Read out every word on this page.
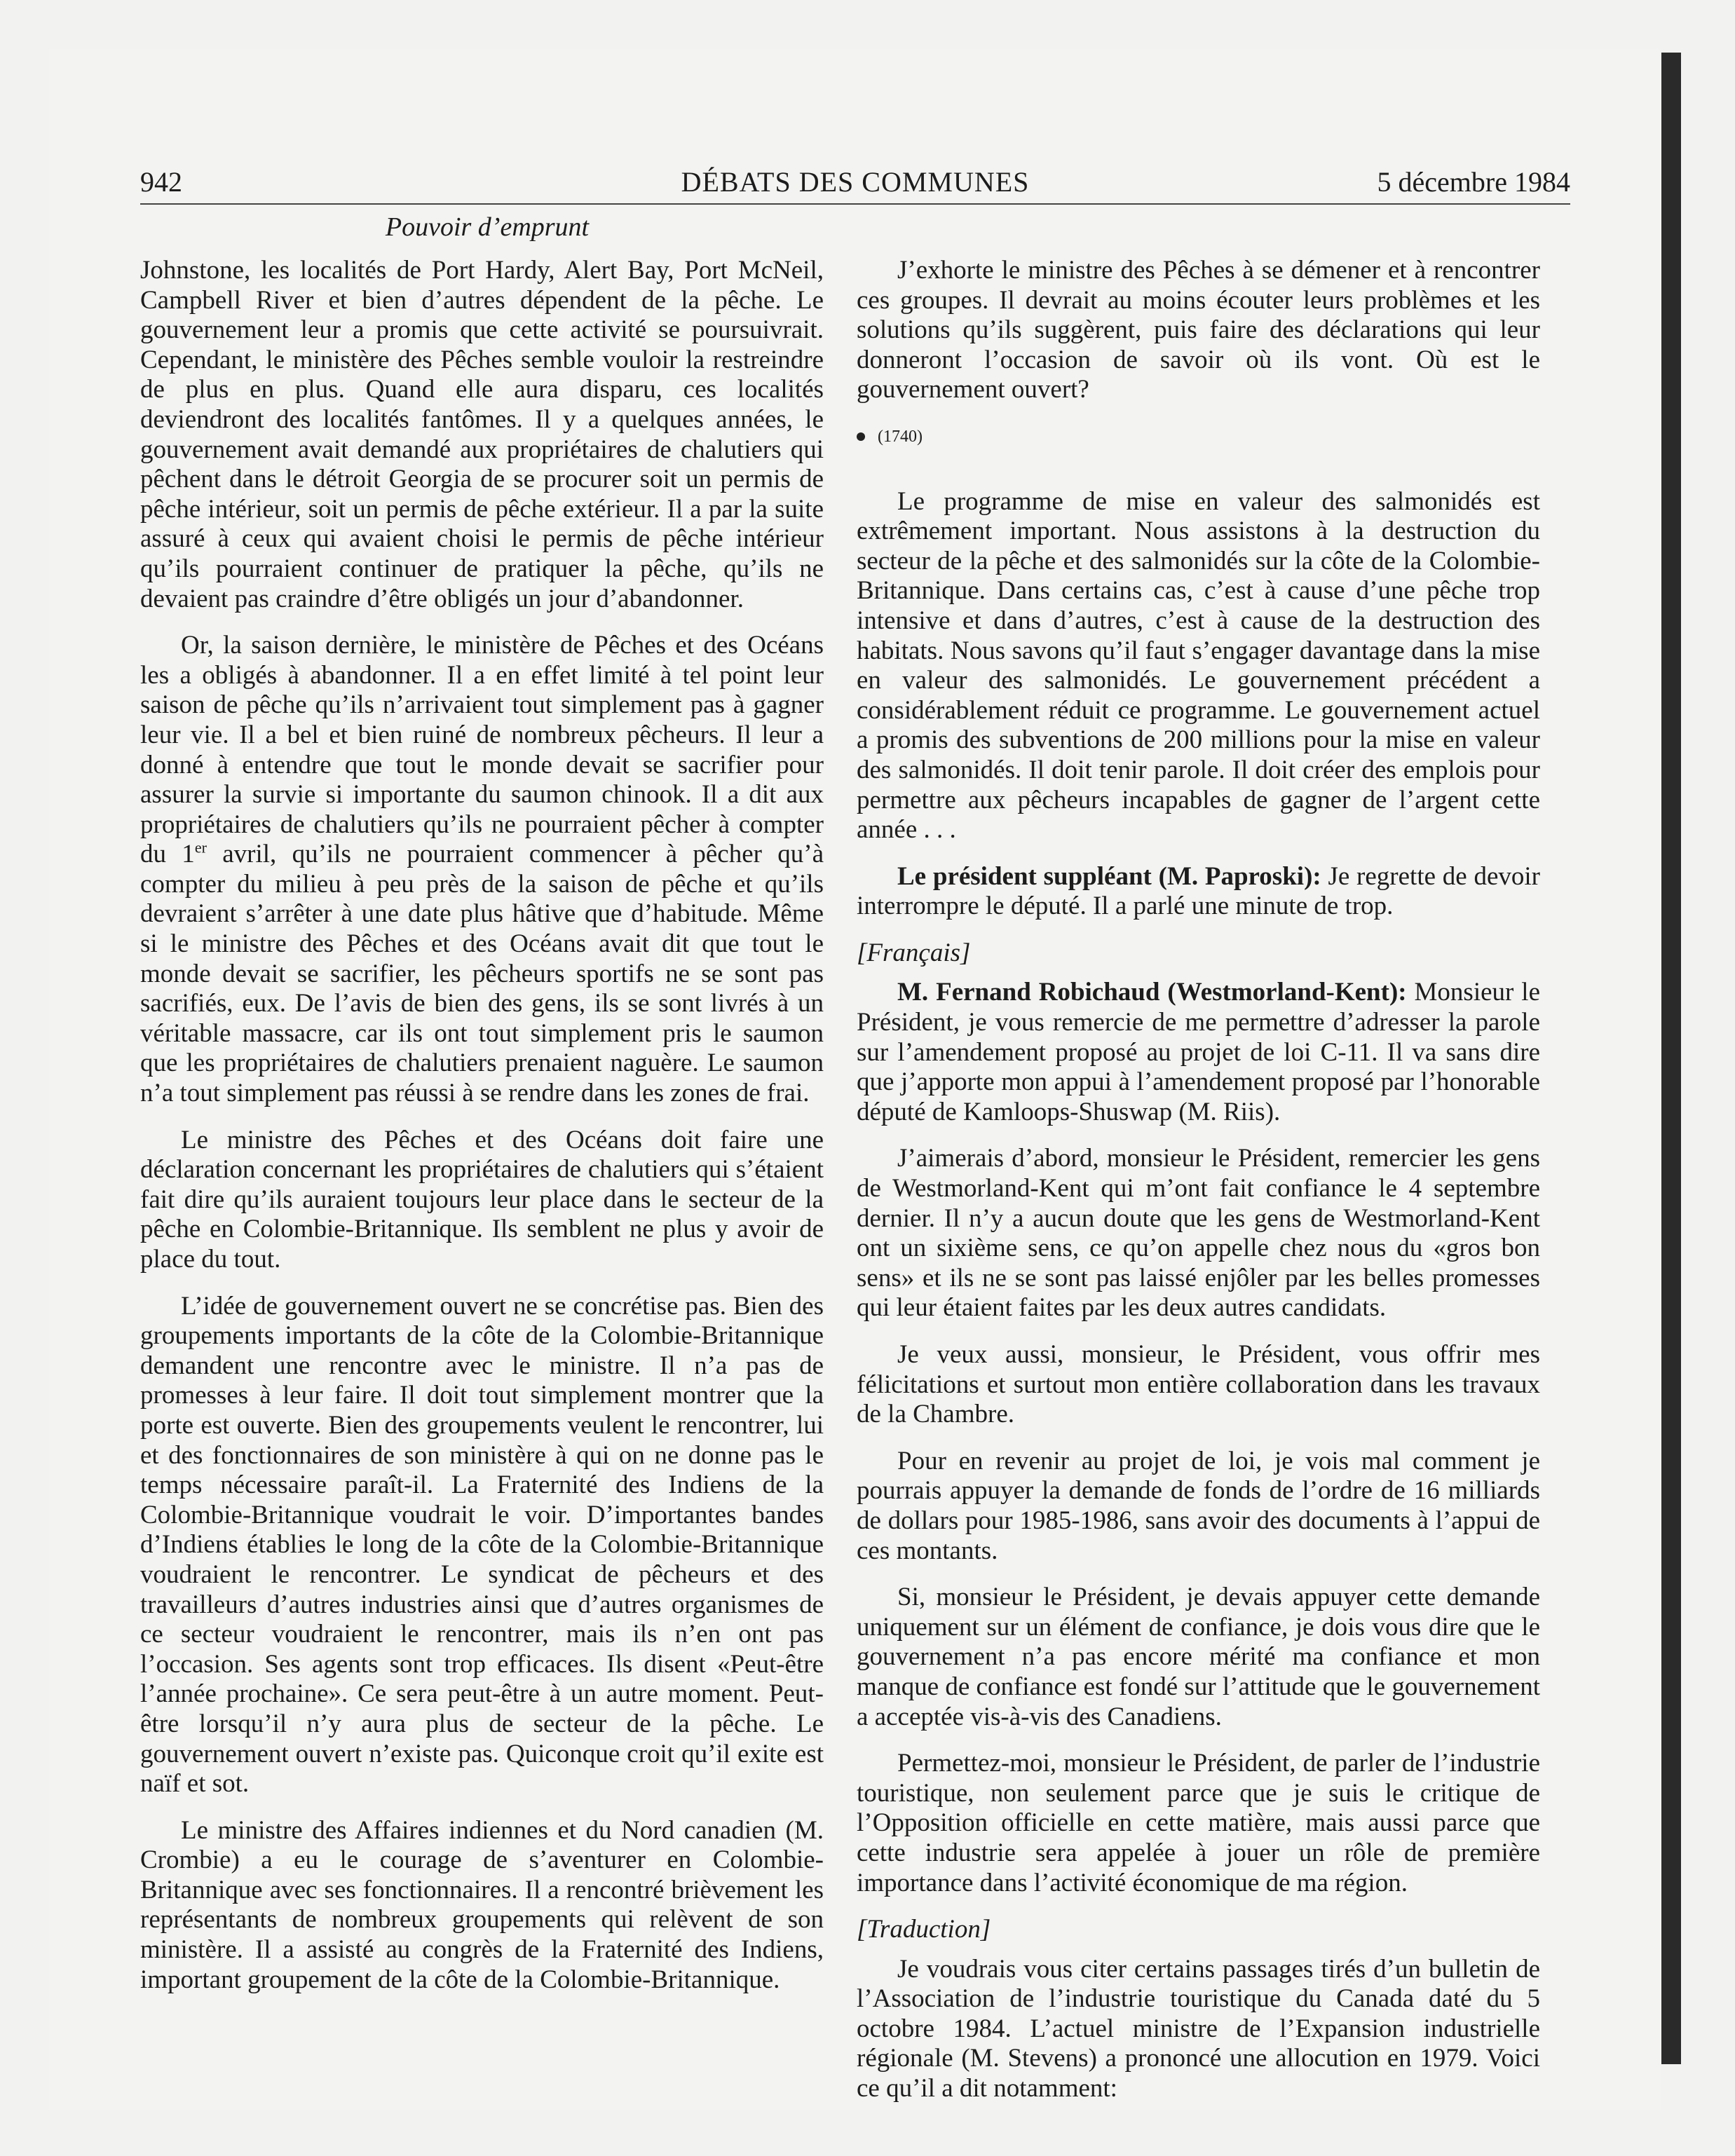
942	DÉBATS DES COMMUNES	5 décembre 1984
Pouvoir d’emprunt

Johnstone, les localités de Port Hardy, Alert Bay, Port McNeil, Campbell River et bien d’autres dépendent de la pêche. Le gouvernement leur a promis que cette activité se poursuivrait. Cependant, le ministère des Pêches semble vouloir la restreindre de plus en plus. Quand elle aura disparu, ces localités deviendront des localités fantômes. Il y a quelques années, le gouvernement avait demandé aux propriétaires de chalutiers qui pêchent dans le détroit Georgia de se procurer soit un permis de pêche intérieur, soit un permis de pêche extérieur. Il a par la suite assuré à ceux qui avaient choisi le permis de pêche intérieur qu’ils pourraient continuer de pratiquer la pêche, qu’ils ne devaient pas craindre d’être obligés un jour d’abandonner.

Or, la saison dernière, le ministère de Pêches et des Océans les a obligés à abandonner. Il a en effet limité à tel point leur saison de pêche qu’ils n’arrivaient tout simplement pas à gagner leur vie. Il a bel et bien ruiné de nombreux pêcheurs. Il leur a donné à entendre que tout le monde devait se sacrifier pour assurer la survie si importante du saumon chinook. Il a dit aux propriétaires de chalutiers qu’ils ne pourraient pêcher à compter du 1er avril, qu’ils ne pourraient commencer à pêcher qu’à compter du milieu à peu près de la saison de pêche et qu’ils devraient s’arrêter à une date plus hâtive que d’habitude. Même si le ministre des Pêches et des Océans avait dit que tout le monde devait se sacrifier, les pêcheurs sportifs ne se sont pas sacrifiés, eux. De l’avis de bien des gens, ils se sont livrés à un véritable massacre, car ils ont tout simplement pris le saumon que les propriétaires de chalutiers prenaient naguère. Le saumon n’a tout simplement pas réussi à se rendre dans les zones de frai.

Le ministre des Pêches et des Océans doit faire une déclaration concernant les propriétaires de chalutiers qui s’étaient fait dire qu’ils auraient toujours leur place dans le secteur de la pêche en Colombie-Britannique. Ils semblent ne plus y avoir de place du tout.

L’idée de gouvernement ouvert ne se concrétise pas. Bien des groupements importants de la côte de la Colombie-Britannique demandent une rencontre avec le ministre. Il n’a pas de promesses à leur faire. Il doit tout simplement montrer que la porte est ouverte. Bien des groupements veulent le rencontrer, lui et des fonctionnaires de son ministère à qui on ne donne pas le temps nécessaire paraît-il. La Fraternité des Indiens de la Colombie-Britannique voudrait le voir. D’importantes bandes d’Indiens établies le long de la côte de la Colombie-Britannique voudraient le rencontrer. Le syndicat de pêcheurs et des travailleurs d’autres industries ainsi que d’autres organismes de ce secteur voudraient le rencontrer, mais ils n’en ont pas l’occasion. Ses agents sont trop efficaces. Ils disent «Peut-être l’année prochaine». Ce sera peut-être à un autre moment. Peut-être lorsqu’il n’y aura plus de secteur de la pêche. Le gouvernement ouvert n’existe pas. Quiconque croit qu’il exite est naïf et sot.

Le ministre des Affaires indiennes et du Nord canadien (M. Crombie) a eu le courage de s’aventurer en Colombie-Britannique avec ses fonctionnaires. Il a rencontré brièvement les représentants de nombreux groupements qui relèvent de son ministère. Il a assisté au congrès de la Fraternité des Indiens, important groupement de la côte de la Colombie-Britannique.

J’exhorte le ministre des Pêches à se démener et à rencontrer ces groupes. Il devrait au moins écouter leurs problèmes et les solutions qu’ils suggèrent, puis faire des déclarations qui leur donneront l’occasion de savoir où ils vont. Où est le gouvernement ouvert?

(1740)

Le programme de mise en valeur des salmonidés est extrêmement important. Nous assistons à la destruction du secteur de la pêche et des salmonidés sur la côte de la Colombie-Britannique. Dans certains cas, c’est à cause d’une pêche trop intensive et dans d’autres, c’est à cause de la destruction des habitats. Nous savons qu’il faut s’engager davantage dans la mise en valeur des salmonidés. Le gouvernement précédent a considérablement réduit ce programme. Le gouvernement actuel a promis des subventions de 200 millions pour la mise en valeur des salmonidés. Il doit tenir parole. Il doit créer des emplois pour permettre aux pêcheurs incapables de gagner de l’argent cette année . . .

Le président suppléant (M. Paproski): Je regrette de devoir interrompre le député. Il a parlé une minute de trop.

[Français]

M. Fernand Robichaud (Westmorland-Kent): Monsieur le Président, je vous remercie de me permettre d’adresser la parole sur l’amendement proposé au projet de loi C-11. Il va sans dire que j’apporte mon appui à l’amendement proposé par l’honorable député de Kamloops-Shuswap (M. Riis).

J’aimerais d’abord, monsieur le Président, remercier les gens de Westmorland-Kent qui m’ont fait confiance le 4 septembre dernier. Il n’y a aucun doute que les gens de Westmorland-Kent ont un sixième sens, ce qu’on appelle chez nous du «gros bon sens» et ils ne se sont pas laissé enjôler par les belles promesses qui leur étaient faites par les deux autres candidats.

Je veux aussi, monsieur, le Président, vous offrir mes félicitations et surtout mon entière collaboration dans les travaux de la Chambre.

Pour en revenir au projet de loi, je vois mal comment je pourrais appuyer la demande de fonds de l’ordre de 16 milliards de dollars pour 1985-1986, sans avoir des documents à l’appui de ces montants.

Si, monsieur le Président, je devais appuyer cette demande uniquement sur un élément de confiance, je dois vous dire que le gouvernement n’a pas encore mérité ma confiance et mon manque de confiance est fondé sur l’attitude que le gouvernement a acceptée vis-à-vis des Canadiens.

Permettez-moi, monsieur le Président, de parler de l’industrie touristique, non seulement parce que je suis le critique de l’Opposition officielle en cette matière, mais aussi parce que cette industrie sera appelée à jouer un rôle de première importance dans l’activité économique de ma région.

[Traduction]

Je voudrais vous citer certains passages tirés d’un bulletin de l’Association de l’industrie touristique du Canada daté du 5 octobre 1984. L’actuel ministre de l’Expansion industrielle régionale (M. Stevens) a prononcé une allocution en 1979. Voici ce qu’il a dit notamment:
